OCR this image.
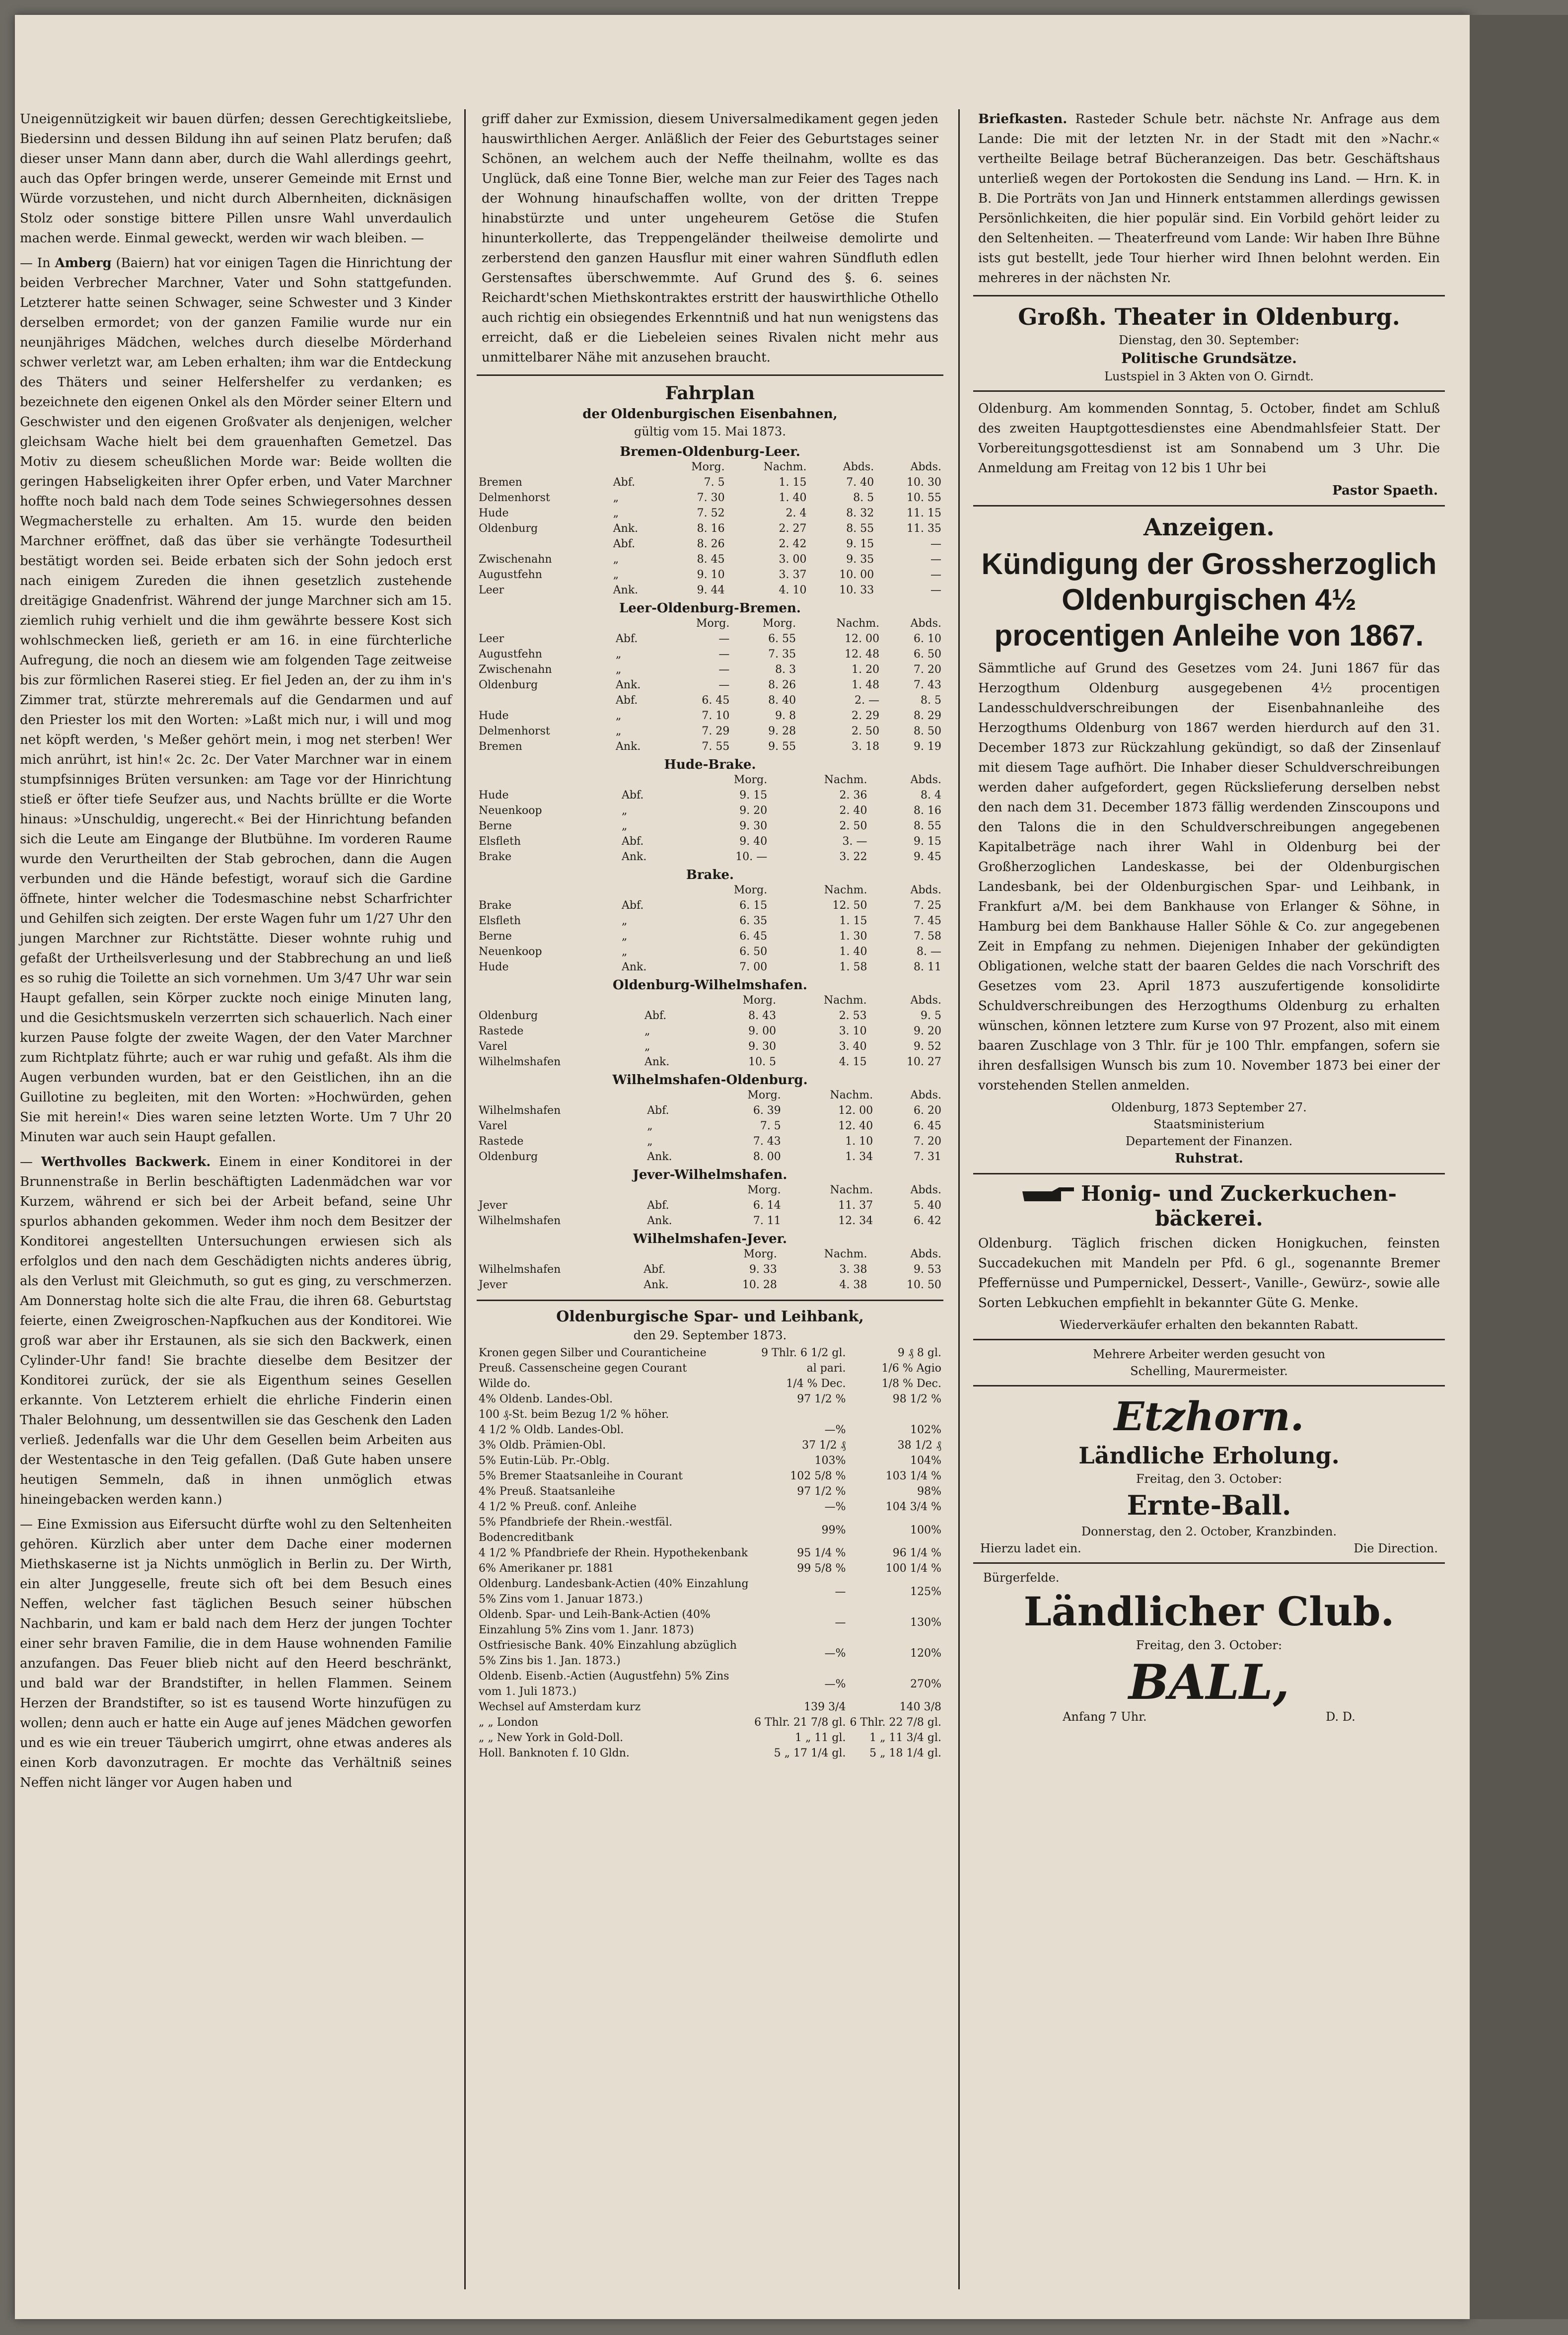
Uneigennützigkeit wir bauen dürfen; dessen Gerechtigkeitsliebe, Biedersinn und dessen Bildung ihn auf seinen Platz berufen; daß dieser unser Mann dann aber, durch die Wahl allerdings geehrt, auch das Opfer bringen werde, unserer Gemeinde mit Ernst und Würde vorzustehen, und nicht durch Albernheiten, dicknäsigen Stolz oder sonstige bittere Pillen unsre Wahl unverdaulich machen werde. Einmal geweckt, werden wir wach bleiben. —

— In Amberg (Baiern) hat vor einigen Tagen die Hinrichtung der beiden Verbrecher Marchner, Vater und Sohn stattgefunden. Letzterer hatte seinen Schwager, seine Schwester und 3 Kinder derselben ermordet; von der ganzen Familie wurde nur ein neunjähriges Mädchen, welches durch dieselbe Mörderhand schwer verletzt war, am Leben erhalten; ihm war die Entdeckung des Thäters und seiner Helfershelfer zu verdanken; es bezeichnete den eigenen Onkel als den Mörder seiner Eltern und Geschwister und den eigenen Großvater als denjenigen, welcher gleichsam Wache hielt bei dem grauenhaften Gemetzel. Das Motiv zu diesem scheußlichen Morde war: Beide wollten die geringen Habseligkeiten ihrer Opfer erben, und Vater Marchner hoffte noch bald nach dem Tode seines Schwiegersohnes dessen Wegmacherstelle zu erhalten. Am 15. wurde den beiden Marchner eröffnet, daß das über sie verhängte Todesurtheil bestätigt worden sei. Beide erbaten sich der Sohn jedoch erst nach einigem Zureden die ihnen gesetzlich zustehende dreitägige Gnadenfrist. Während der junge Marchner sich am 15. ziemlich ruhig verhielt und die ihm gewährte bessere Kost sich wohlschmecken ließ, gerieth er am 16. in eine fürchterliche Aufregung, die noch an diesem wie am folgenden Tage zeitweise bis zur förmlichen Raserei stieg. Er fiel Jeden an, der zu ihm in's Zimmer trat, stürzte mehreremals auf die Gendarmen und auf den Priester los mit den Worten: »Laßt mich nur, i will und mog net köpft werden, 's Meßer gehört mein, i mog net sterben! Wer mich anrührt, ist hin!« 2c. 2c. Der Vater Marchner war in einem stumpfsinniges Brüten versunken: am Tage vor der Hinrichtung stieß er öfter tiefe Seufzer aus, und Nachts brüllte er die Worte hinaus: »Unschuldig, ungerecht.« Bei der Hinrichtung befanden sich die Leute am Eingange der Blutbühne. Im vorderen Raume wurde den Verurtheilten der Stab gebrochen, dann die Augen verbunden und die Hände befestigt, worauf sich die Gardine öffnete, hinter welcher die Todesmaschine nebst Scharfrichter und Gehilfen sich zeigten. Der erste Wagen fuhr um 1/27 Uhr den jungen Marchner zur Richtstätte. Dieser wohnte ruhig und gefaßt der Urtheilsverlesung und der Stabbrechung an und ließ es so ruhig die Toilette an sich vornehmen. Um 3/47 Uhr war sein Haupt gefallen, sein Körper zuckte noch einige Minuten lang, und die Gesichtsmuskeln verzerrten sich schauerlich. Nach einer kurzen Pause folgte der zweite Wagen, der den Vater Marchner zum Richtplatz führte; auch er war ruhig und gefaßt. Als ihm die Augen verbunden wurden, bat er den Geistlichen, ihn an die Guillotine zu begleiten, mit den Worten: »Hochwürden, gehen Sie mit herein!« Dies waren seine letzten Worte. Um 7 Uhr 20 Minuten war auch sein Haupt gefallen.

— Werthvolles Backwerk. Einem in einer Konditorei in der Brunnenstraße in Berlin beschäftigten Ladenmädchen war vor Kurzem, während er sich bei der Arbeit befand, seine Uhr spurlos abhanden gekommen. Weder ihm noch dem Besitzer der Konditorei angestellten Untersuchungen erwiesen sich als erfolglos und den nach dem Geschädigten nichts anderes übrig, als den Verlust mit Gleichmuth, so gut es ging, zu verschmerzen. Am Donnerstag holte sich die alte Frau, die ihren 68. Geburtstag feierte, einen Zweigroschen-Napfkuchen aus der Konditorei. Wie groß war aber ihr Erstaunen, als sie sich den Backwerk, einen Cylinder-Uhr fand! Sie brachte dieselbe dem Besitzer der Konditorei zurück, der sie als Eigenthum seines Gesellen erkannte. Von Letzterem erhielt die ehrliche Finderin einen Thaler Belohnung, um dessentwillen sie das Geschenk den Laden verließ. Jedenfalls war die Uhr dem Gesellen beim Arbeiten aus der Westentasche in den Teig gefallen. (Daß Gute haben unsere heutigen Semmeln, daß in ihnen unmöglich etwas hineingebacken werden kann.)

— Eine Exmission aus Eifersucht dürfte wohl zu den Seltenheiten gehören. Kürzlich aber unter dem Dache einer modernen Miethskaserne ist ja Nichts unmöglich in Berlin zu. Der Wirth, ein alter Junggeselle, freute sich oft bei dem Besuch eines Neffen, welcher fast täglichen Besuch seiner hübschen Nachbarin, und kam er bald nach dem Herz der jungen Tochter einer sehr braven Familie, die in dem Hause wohnenden Familie anzufangen. Das Feuer blieb nicht auf den Heerd beschränkt, und bald war der Brandstifter, in hellen Flammen. Seinem Herzen der Brandstifter, so ist es tausend Worte hinzufügen zu wollen; denn auch er hatte ein Auge auf jenes Mädchen geworfen und es wie ein treuer Täuberich umgirrt, ohne etwas anderes als einen Korb davonzutragen. Er mochte das Verhältniß seines Neffen nicht länger vor Augen haben und

griff daher zur Exmission, diesem Universalmedikament gegen jeden hauswirthlichen Aerger. Anläßlich der Feier des Geburtstages seiner Schönen, an welchem auch der Neffe theilnahm, wollte es das Unglück, daß eine Tonne Bier, welche man zur Feier des Tages nach der Wohnung hinaufschaffen wollte, von der dritten Treppe hinabstürzte und unter ungeheurem Getöse die Stufen hinunterkollerte, das Treppengeländer theilweise demolirte und zerberstend den ganzen Hausflur mit einer wahren Sündfluth edlen Gerstensaftes überschwemmte. Auf Grund des §. 6. seines Reichardt'schen Miethskontraktes erstritt der hauswirthliche Othello auch richtig ein obsiegendes Erkenntniß und hat nun wenigstens das erreicht, daß er die Liebeleien seines Rivalen nicht mehr aus unmittelbarer Nähe mit anzusehen braucht.

Fahrplan
der Oldenburgischen Eisenbahnen,
gültig vom 15. Mai 1873.
Bremen-Oldenburg-Leer.
		Morg.	Nachm.	Abds.	Abds.
Bremen	Abf.	7. 5	1. 15	7. 40	10. 30
Delmenhorst	„	7. 30	1. 40	8. 5	10. 55
Hude	„	7. 52	2. 4	8. 32	11. 15
Oldenburg	Ank.	8. 16	2. 27	8. 55	11. 35
	Abf.	8. 26	2. 42	9. 15	—
Zwischenahn	„	8. 45	3. 00	9. 35	—
Augustfehn	„	9. 10	3. 37	10. 00	—
Leer	Ank.	9. 44	4. 10	10. 33	—
Leer-Oldenburg-Bremen.
		Morg.	Morg.	Nachm.	Abds.
Leer	Abf.	—	6. 55	12. 00	6. 10
Augustfehn	„	—	7. 35	12. 48	6. 50
Zwischenahn	„	—	8. 3	1. 20	7. 20
Oldenburg	Ank.	—	8. 26	1. 48	7. 43
	Abf.	6. 45	8. 40	2. —	8. 5
Hude	„	7. 10	9. 8	2. 29	8. 29
Delmenhorst	„	7. 29	9. 28	2. 50	8. 50
Bremen	Ank.	7. 55	9. 55	3. 18	9. 19
Hude-Brake.
			Morg.	Nachm.	Abds.
Hude	Abf.		9. 15	2. 36	8. 4
Neuenkoop	„		9. 20	2. 40	8. 16
Berne	„		9. 30	2. 50	8. 55
Elsfleth	Abf.		9. 40	3. —	9. 15
Brake	Ank.		10. —	3. 22	9. 45
Brake.
			Morg.	Nachm.	Abds.
Brake	Abf.		6. 15	12. 50	7. 25
Elsfleth	„		6. 35	1. 15	7. 45
Berne	„		6. 45	1. 30	7. 58
Neuenkoop	„		6. 50	1. 40	8. —
Hude	Ank.		7. 00	1. 58	8. 11
Oldenburg-Wilhelmshafen.
			Morg.	Nachm.	Abds.
Oldenburg	Abf.		8. 43	2. 53	9. 5
Rastede	„		9. 00	3. 10	9. 20
Varel	„		9. 30	3. 40	9. 52
Wilhelmshafen	Ank.		10. 5	4. 15	10. 27
Wilhelmshafen-Oldenburg.
			Morg.	Nachm.	Abds.
Wilhelmshafen	Abf.		6. 39	12. 00	6. 20
Varel	„		7. 5	12. 40	6. 45
Rastede	„		7. 43	1. 10	7. 20
Oldenburg	Ank.		8. 00	1. 34	7. 31
Jever-Wilhelmshafen.
			Morg.	Nachm.	Abds.
Jever	Abf.		6. 14	11. 37	5. 40
Wilhelmshafen	Ank.		7. 11	12. 34	6. 42
Wilhelmshafen-Jever.
			Morg.	Nachm.	Abds.
Wilhelmshafen	Abf.		9. 33	3. 38	9. 53
Jever	Ank.		10. 28	4. 38	10. 50
Oldenburgische Spar- und Leihbank,
den 29. September 1873.
Kronen gegen Silber und Couranticheine	9 Thlr. 6 1/2 gl.	9 ₰ 8 gl.
Preuß. Cassenscheine gegen Courant	al pari.	1/6 % Agio
Wilde do.	1/4 % Dec.	1/8 % Dec.
4% Oldenb. Landes-Obl.	97 1/2 %	98 1/2 %
100 ₰-St. beim Bezug 1/2 % höher.		
4 1/2 % Oldb. Landes-Obl.	—%	102%
3% Oldb. Prämien-Obl.	37 1/2 ₰	38 1/2 ₰
5% Eutin-Lüb. Pr.-Oblg.	103%	104%
5% Bremer Staatsanleihe in Courant	102 5/8 %	103 1/4 %
4% Preuß. Staatsanleihe	97 1/2 %	98%
4 1/2 % Preuß. conf. Anleihe	—%	104 3/4 %
5% Pfandbriefe der Rhein.-westfäl. Bodencreditbank	99%	100%
4 1/2 % Pfandbriefe der Rhein. Hypothekenbank	95 1/4 %	96 1/4 %
6% Amerikaner pr. 1881	99 5/8 %	100 1/4 %
Oldenburg. Landesbank-Actien (40% Einzahlung 5% Zins vom 1. Januar 1873.)	—	125%
Oldenb. Spar- und Leih-Bank-Actien (40% Einzahlung 5% Zins vom 1. Janr. 1873)	—	130%
Ostfriesische Bank. 40% Einzahlung abzüglich 5% Zins bis 1. Jan. 1873.)	—%	120%
Oldenb. Eisenb.-Actien (Augustfehn) 5% Zins vom 1. Juli 1873.)	—%	270%
Wechsel auf Amsterdam kurz	139 3/4	140 3/8
„ „ London	6 Thlr. 21 7/8 gl.	6 Thlr. 22 7/8 gl.
„ „ New York in Gold-Doll.	1 „ 11 gl.	1 „ 11 3/4 gl.
Holl. Banknoten f. 10 Gldn.	5 „ 17 1/4 gl.	5 „ 18 1/4 gl.

Briefkasten. Rasteder Schule betr. nächste Nr. Anfrage aus dem Lande: Die mit der letzten Nr. in der Stadt mit den »Nachr.« vertheilte Beilage betraf Bücheranzeigen. Das betr. Geschäftshaus unterließ wegen der Portokosten die Sendung ins Land. — Hrn. K. in B. Die Porträts von Jan und Hinnerk entstammen allerdings gewissen Persönlichkeiten, die hier populär sind. Ein Vorbild gehört leider zu den Seltenheiten. — Theaterfreund vom Lande: Wir haben Ihre Bühne ists gut bestellt, jede Tour hierher wird Ihnen belohnt werden. Ein mehreres in der nächsten Nr.

Großh. Theater in Oldenburg.
Dienstag, den 30. September:
Politische Grundsätze.
Lustspiel in 3 Akten von O. Girndt.

Oldenburg. Am kommenden Sonntag, 5. October, findet am Schluß des zweiten Hauptgottesdienstes eine Abendmahlsfeier Statt. Der Vorbereitungsgottesdienst ist am Sonnabend um 3 Uhr. Die Anmeldung am Freitag von 12 bis 1 Uhr bei

Pastor Spaeth.
Anzeigen.
Kündigung der Grossherzoglich Oldenburgischen 4½ procentigen Anleihe von 1867.

Sämmtliche auf Grund des Gesetzes vom 24. Juni 1867 für das Herzogthum Oldenburg ausgegebenen 4½ procentigen Landesschuldverschreibungen der Eisenbahnanleihe des Herzogthums Oldenburg von 1867 werden hierdurch auf den 31. December 1873 zur Rückzahlung gekündigt, so daß der Zinsenlauf mit diesem Tage aufhört. Die Inhaber dieser Schuldverschreibungen werden daher aufgefordert, gegen Rückslieferung derselben nebst den nach dem 31. December 1873 fällig werdenden Zinscoupons und den Talons die in den Schuldverschreibungen angegebenen Kapitalbeträge nach ihrer Wahl in Oldenburg bei der Großherzoglichen Landeskasse, bei der Oldenburgischen Landesbank, bei der Oldenburgischen Spar- und Leihbank, in Frankfurt a/M. bei dem Bankhause von Erlanger & Söhne, in Hamburg bei dem Bankhause Haller Söhle & Co. zur angegebenen Zeit in Empfang zu nehmen. Diejenigen Inhaber der gekündigten Obligationen, welche statt der baaren Geldes die nach Vorschrift des Gesetzes vom 23. April 1873 auszufertigende konsolidirte Schuldverschreibungen des Herzogthums Oldenburg zu erhalten wünschen, können letztere zum Kurse von 97 Prozent, also mit einem baaren Zuschlage von 3 Thlr. für je 100 Thlr. empfangen, sofern sie ihren desfallsigen Wunsch bis zum 10. November 1873 bei einer der vorstehenden Stellen anmelden.

Oldenburg, 1873 September 27.
Staatsministerium
Departement der Finanzen.
Ruhstrat.
Honig- und Zuckerkuchen-bäckerei.

Oldenburg. Täglich frischen dicken Honigkuchen, feinsten Succadekuchen mit Mandeln per Pfd. 6 gl., sogenannte Bremer Pfeffernüsse und Pumpernickel, Dessert-, Vanille-, Gewürz-, sowie alle Sorten Lebkuchen empfiehlt in bekannter Güte G. Menke.

Wiederverkäufer erhalten den bekannten Rabatt.
Mehrere Arbeiter werden gesucht von
Schelling, Maurermeister.
Etzhorn.
Ländliche Erholung.
Freitag, den 3. October:
Ernte-Ball.
Donnerstag, den 2. October, Kranzbinden.
Hierzu ladet ein.	Die Direction.
Bürgerfelde.
Ländlicher Club.
Freitag, den 3. October:
BALL,
Anfang 7 Uhr.	D. D.
